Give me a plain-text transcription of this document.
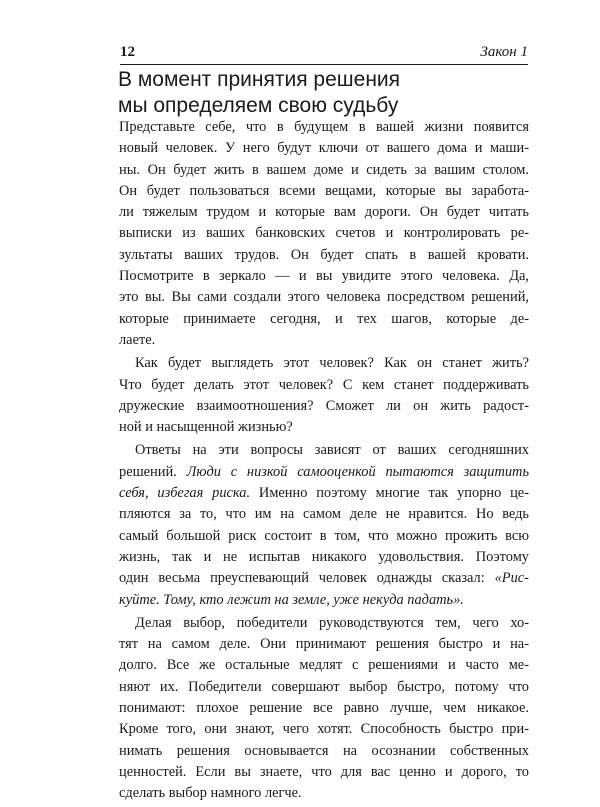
12	Закон 1
В момент принятия решения
мы определяем свою судьбу
Представьте себе, что в будущем в вашей жизни появится
новый человек. У него будут ключи от вашего дома и маши-
ны. Он будет жить в вашем доме и сидеть за вашим столом.
Он будет пользоваться всеми вещами, которые вы заработа-
ли тяжелым трудом и которые вам дороги. Он будет читать
выписки из ваших банковских счетов и контролировать ре-
зультаты ваших трудов. Он будет спать в вашей кровати.
Посмотрите в зеркало — и вы увидите этого человека. Да,
это вы. Вы сами создали этого человека посредством решений,
которые принимаете сегодня, и тех шагов, которые де-
лаете.
Как будет выглядеть этот человек? Как он станет жить?
Что будет делать этот человек? С кем станет поддерживать
дружеские взаимоотношения? Сможет ли он жить радост-
ной и насыщенной жизнью?
Ответы на эти вопросы зависят от ваших сегодняшних
решений. Люди с низкой самооценкой пытаются защитить
себя, избегая риска. Именно поэтому многие так упорно це-
пляются за то, что им на самом деле не нравится. Но ведь
самый большой риск состоит в том, что можно прожить всю
жизнь, так и не испытав никакого удовольствия. Поэтому
один весьма преуспевающий человек однажды сказал: «Рис-
куйте. Тому, кто лежит на земле, уже некуда падать».
Делая выбор, победители руководствуются тем, чего хо-
тят на самом деле. Они принимают решения быстро и на-
долго. Все же остальные медлят с решениями и часто ме-
няют их. Победители совершают выбор быстро, потому что
понимают: плохое решение все равно лучше, чем никакое.
Кроме того, они знают, чего хотят. Способность быстро при-
нимать решения основывается на осознании собственных
ценностей. Если вы знаете, что для вас ценно и дорого, то
сделать выбор намного легче.
